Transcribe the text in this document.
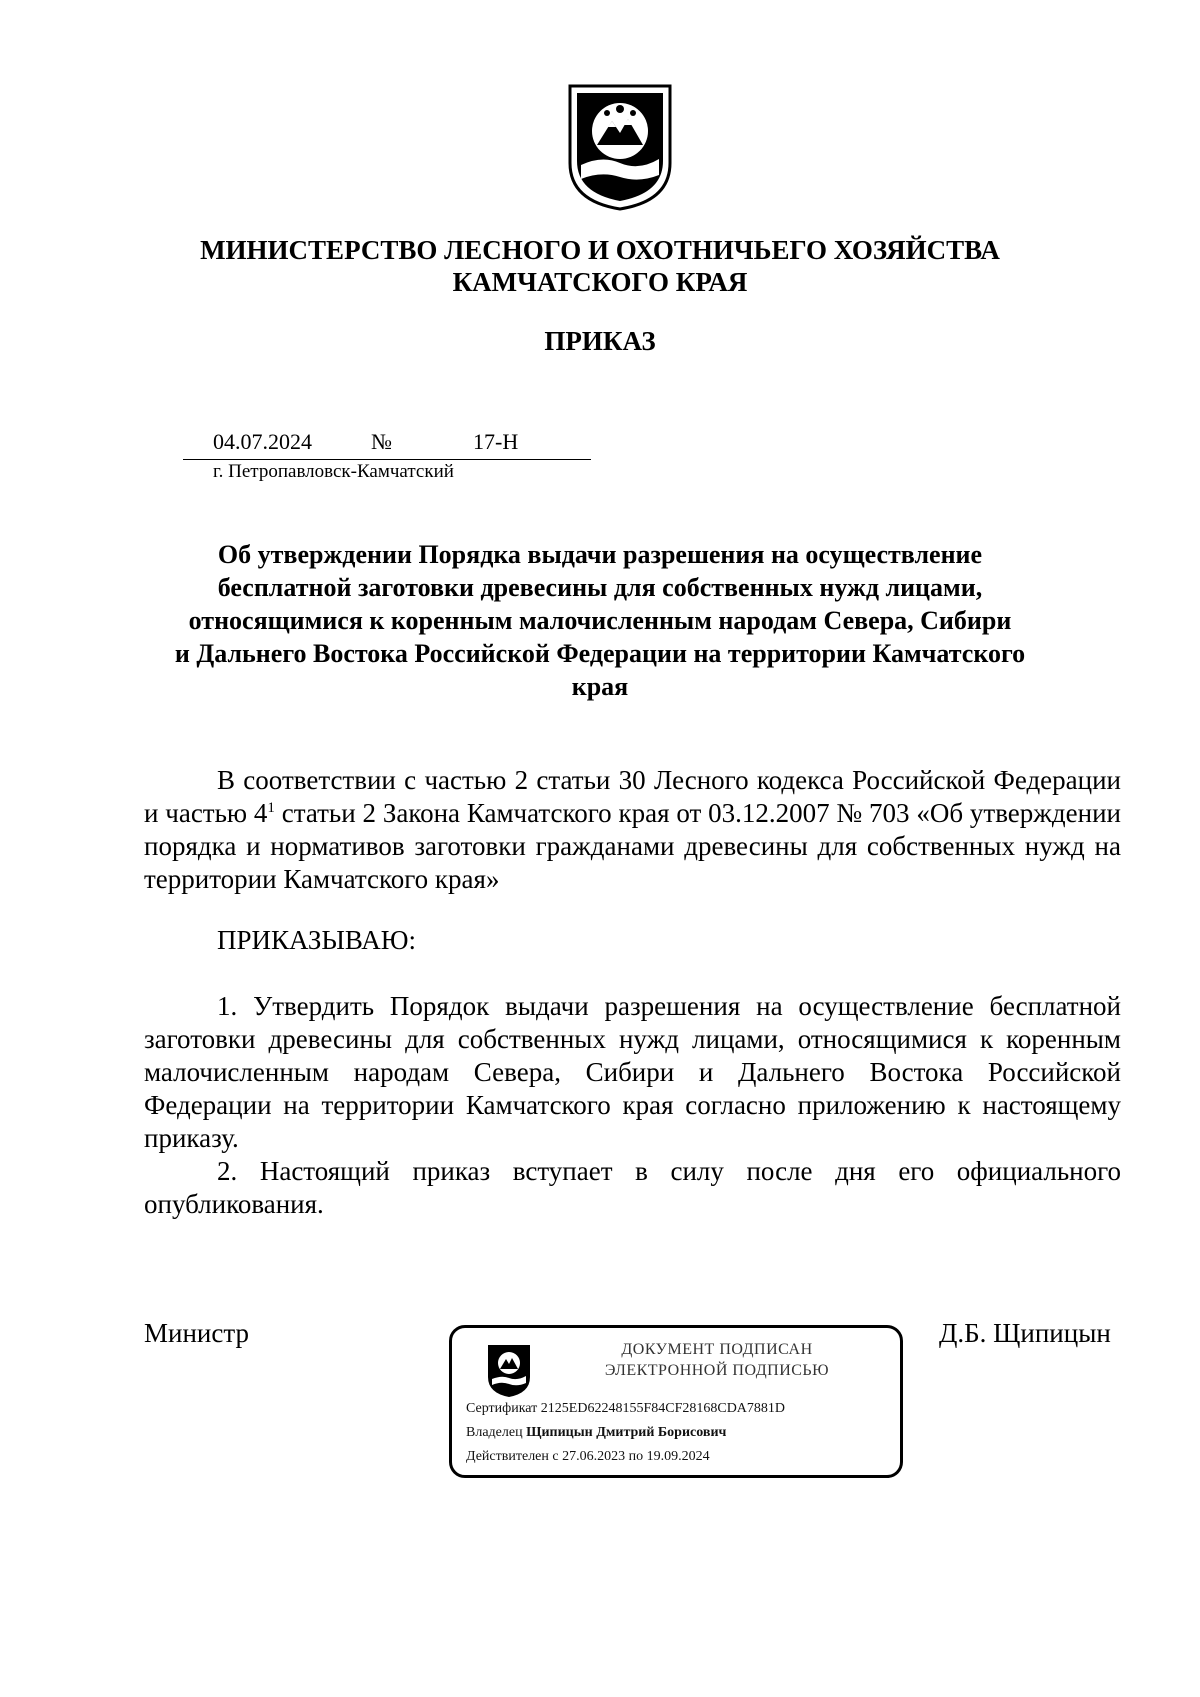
МИНИСТЕРСТВО ЛЕСНОГО И ОХОТНИЧЬЕГО ХОЗЯЙСТВА
КАМЧАТСКОГО КРАЯ
ПРИКАЗ
04.07.2024	№	17-Н
г. Петропавловск-Камчатский
Об утверждении Порядка выдачи разрешения на осуществление
бесплатной заготовки древесины для собственных нужд лицами,
относящимися к коренным малочисленным народам Севера, Сибири
и Дальнего Востока Российской Федерации на территории Камчатского
края
В соответствии с частью 2 статьи 30 Лесного кодекса Российской Федерации и частью $4^1$ статьи 2 Закона Камчатского края от 03.12.2007 № 703 «Об утверждении порядка и нормативов заготовки гражданами древесины для собственных нужд на территории Камчатского края»
ПРИКАЗЫВАЮ:
1. Утвердить Порядок выдачи разрешения на осуществление бесплатной заготовки древесины для собственных нужд лицами, относящимися к коренным малочисленным народам Севера, Сибири и Дальнего Востока Российской Федерации на территории Камчатского края согласно приложению к настоящему приказу.
2. Настоящий приказ вступает в силу после дня его официального опубликования.
Министр	Д.Б. Щипицын
ДОКУМЕНТ ПОДПИСАН
ЭЛЕКТРОННОЙ ПОДПИСЬЮ
Сертификат 2125ED62248155F84CF28168CDA7881D
Владелец Щипицын Дмитрий Борисович
Действителен с 27.06.2023 по 19.09.2024
